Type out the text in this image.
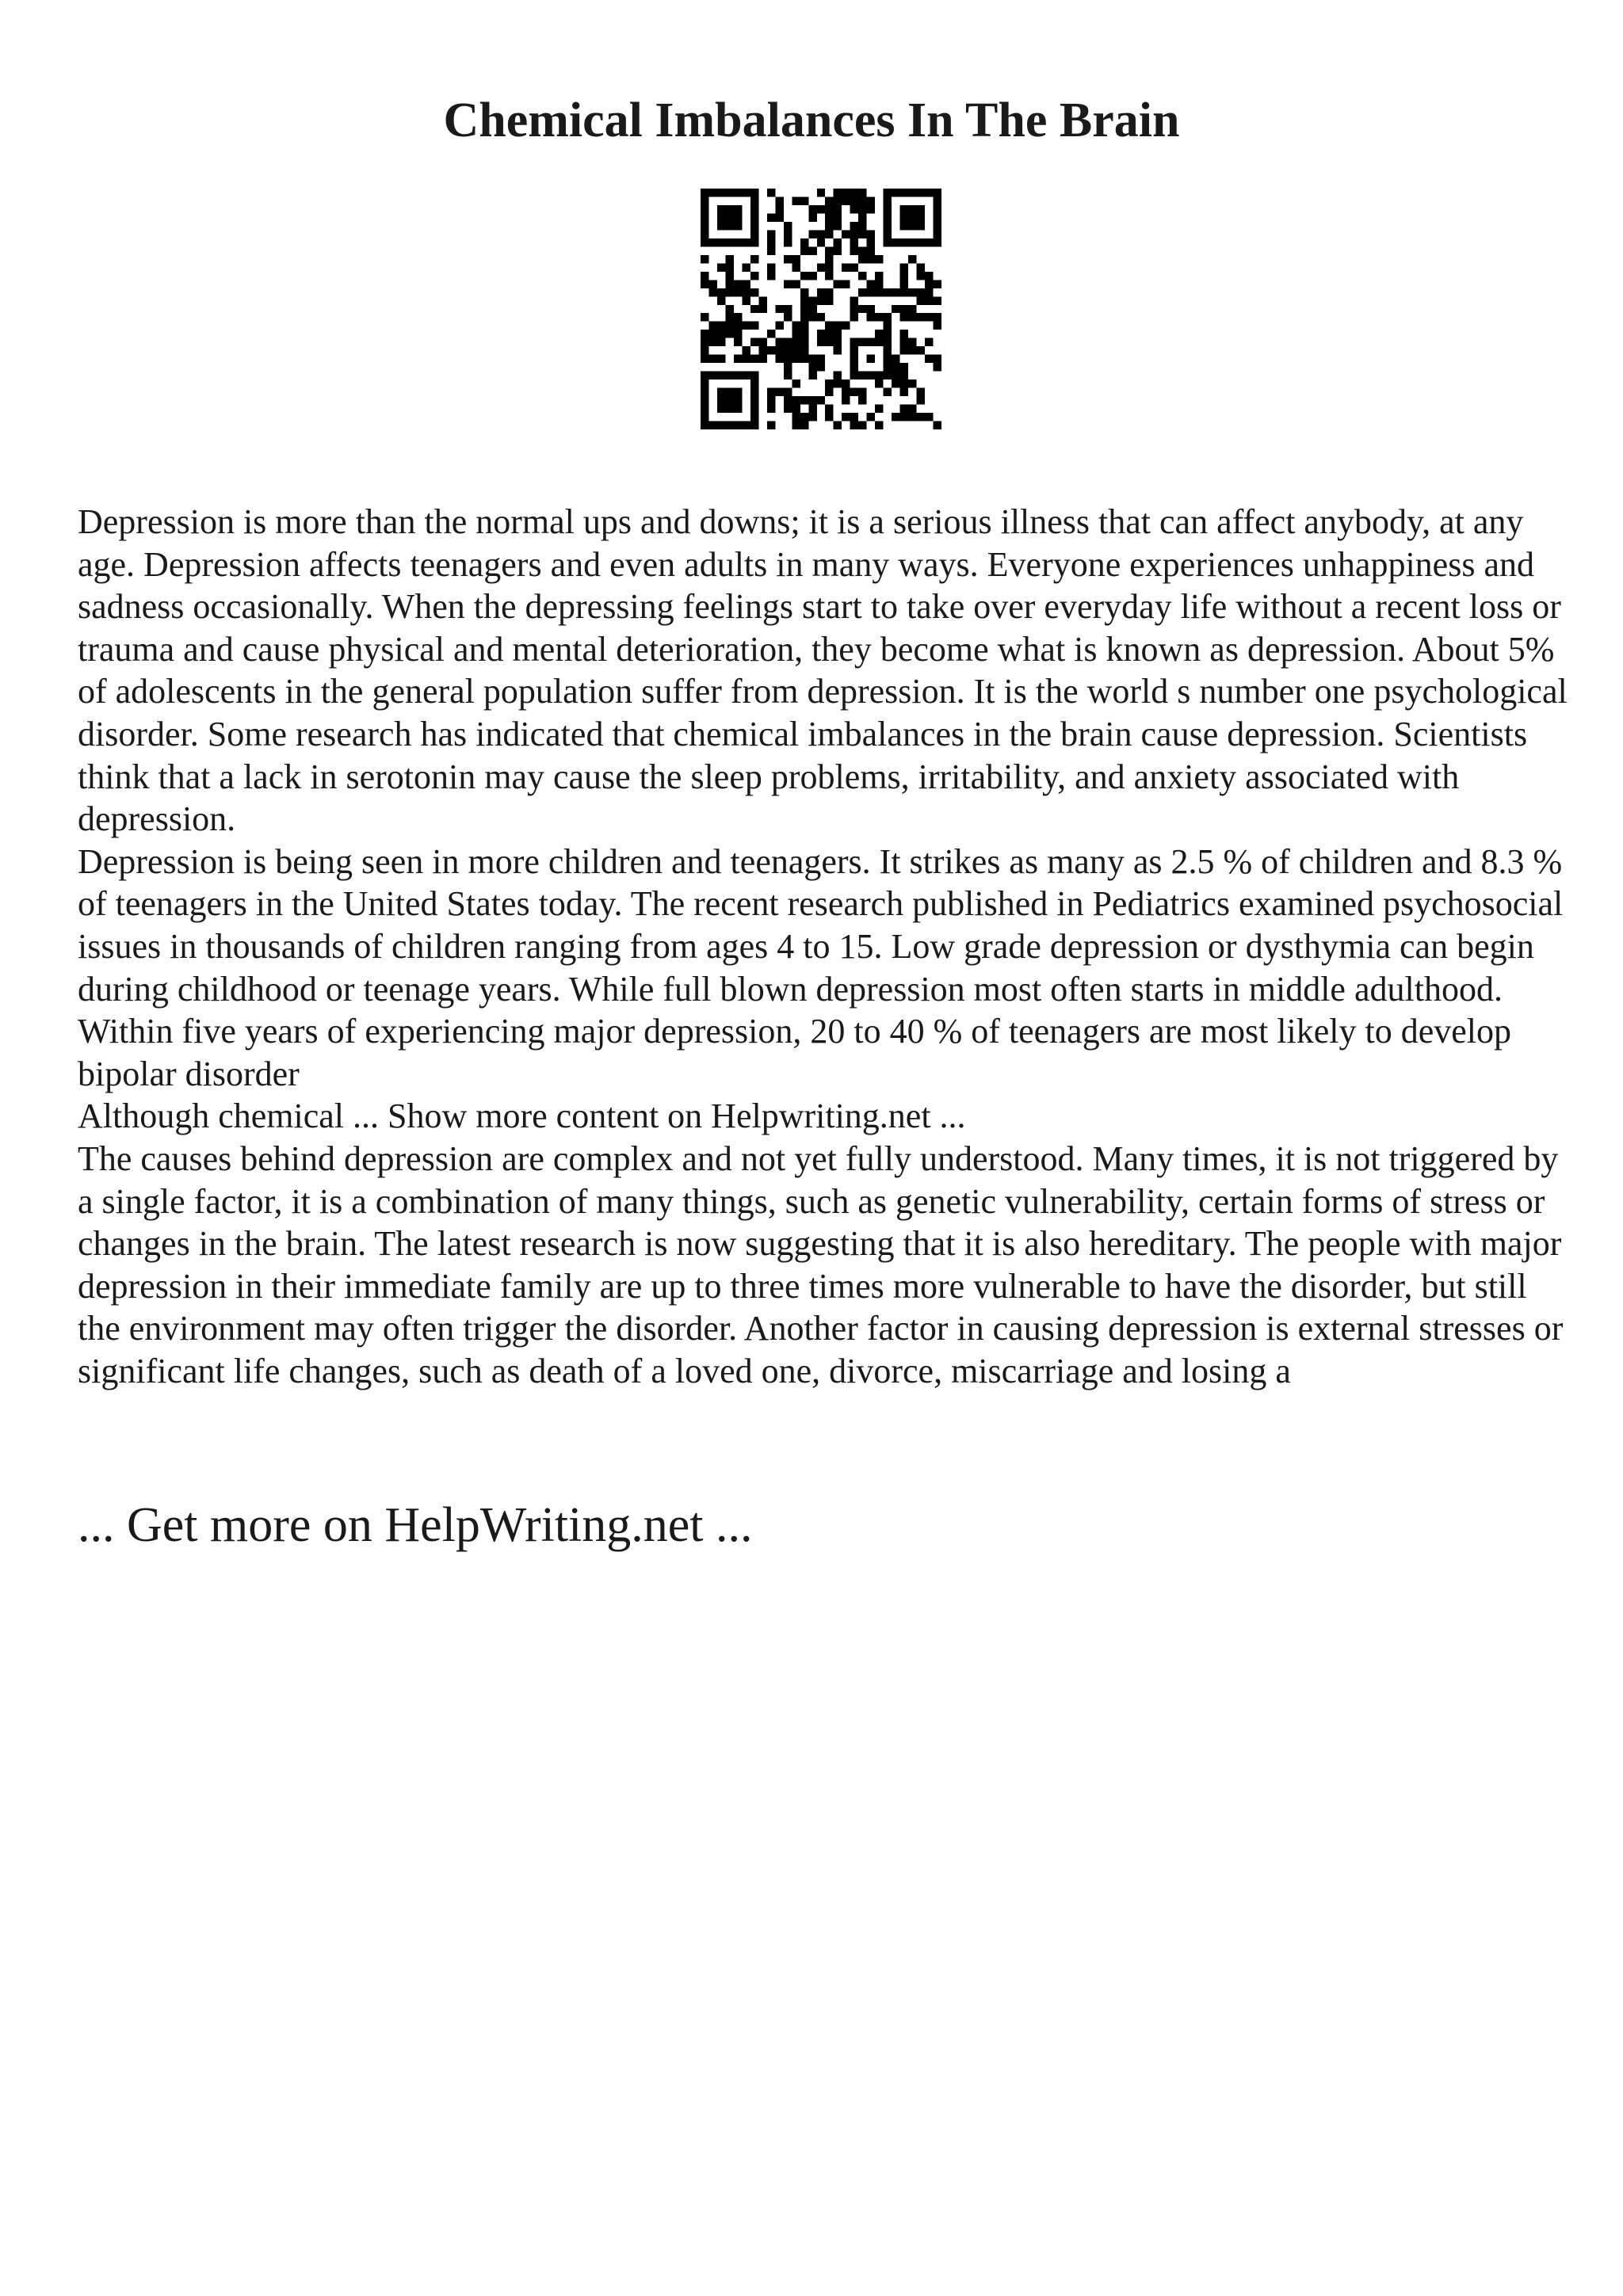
Chemical Imbalances In The Brain

Depression is more than the normal ups and downs; it is a serious illness that can affect anybody, at any age. Depression affects teenagers and even adults in many ways. Everyone experiences unhappiness and sadness occasionally. When the depressing feelings start to take over everyday life without a recent loss or trauma and cause physical and mental deterioration, they become what is known as depression. About 5% of adolescents in the general population suffer from depression. It is the world s number one psychological disorder. Some research has indicated that chemical imbalances in the brain cause depression. Scientists think that a lack in serotonin may cause the sleep problems, irritability, and anxiety associated with depression.

Depression is being seen in more children and teenagers. It strikes as many as 2.5 % of children and 8.3 % of teenagers in the United States today. The recent research published in Pediatrics examined psychosocial issues in thousands of children ranging from ages 4 to 15. Low grade depression or dysthymia can begin during childhood or teenage years. While full blown depression most often starts in middle adulthood. Within five years of experiencing major depression, 20 to 40 % of teenagers are most likely to develop bipolar disorder

Although chemical ... Show more content on Helpwriting.net ...

The causes behind depression are complex and not yet fully understood. Many times, it is not triggered by a single factor, it is a combination of many things, such as genetic vulnerability, certain forms of stress or changes in the brain. The latest research is now suggesting that it is also hereditary. The people with major depression in their immediate family are up to three times more vulnerable to have the disorder, but still the environment may often trigger the disorder. Another factor in causing depression is external stresses or significant life changes, such as death of a loved one, divorce, miscarriage and losing a

... Get more on HelpWriting.net ...
